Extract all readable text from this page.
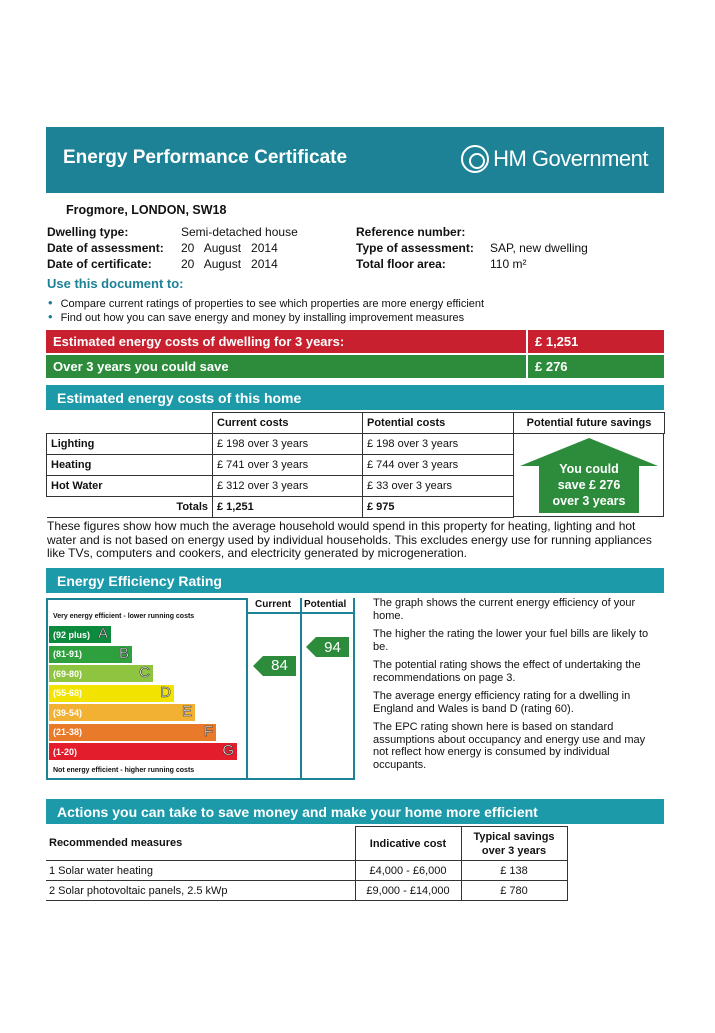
Energy Performance Certificate	HM Government
Frogmore, LONDON, SW18
Dwelling type:	Semi-detached house
Date of assessment: 20   August   2014
Date of certificate: 20   August   2014
Reference number:
Type of assessment: SAP, new dwelling
Total floor area:	110 m²
Use this document to:
• Compare current ratings of properties to see which properties are more energy efficient
• Find out how you can save energy and money by installing improvement measures
Estimated energy costs of dwelling for 3 years:	£ 1,251
Over 3 years you could save	£ 276
Estimated energy costs of this home
	Current costs	Potential costs	Potential future savings
Lighting	£ 198 over 3 years	£ 198 over 3 years	
Heating	£ 741 over 3 years	£ 744 over 3 years	
Hot Water	£ 312 over 3 years	£ 33 over 3 years	
Totals	£ 1,251	£ 975	
You could
save £ 276
over 3 years
These figures show how much the average household would spend in this property for heating, lighting and hot water and is not based on energy used by individual households. This excludes energy use for running appliances like TVs, computers and cookers, and electricity generated by microgeneration.
Energy Efficiency Rating
Current Potential
Very energy efficient - lower running costs
Not energy efficient - higher running costs
(92 plus) A
(81-91) B
(69-80)	C
(55-68)	D
(39-54)	E
(21-38)	F
(1-20)	G
84
94
The graph shows the current energy efficiency of your home.
The higher the rating the lower your fuel bills are likely to be.
The potential rating shows the effect of undertaking the recommendations on page 3.
The average energy efficiency rating for a dwelling in England and Wales is band D (rating 60).
The EPC rating shown here is based on standard assumptions about occupancy and energy use and may not reflect how energy is consumed by individual occupants.
Actions you can take to save money and make your home more efficient
Recommended measures	Indicative cost	Typical savings over 3 years
1 Solar water heating	£4,000 - £6,000	£ 138
2 Solar photovoltaic panels, 2.5 kWp	£9,000 - £14,000	£ 780
